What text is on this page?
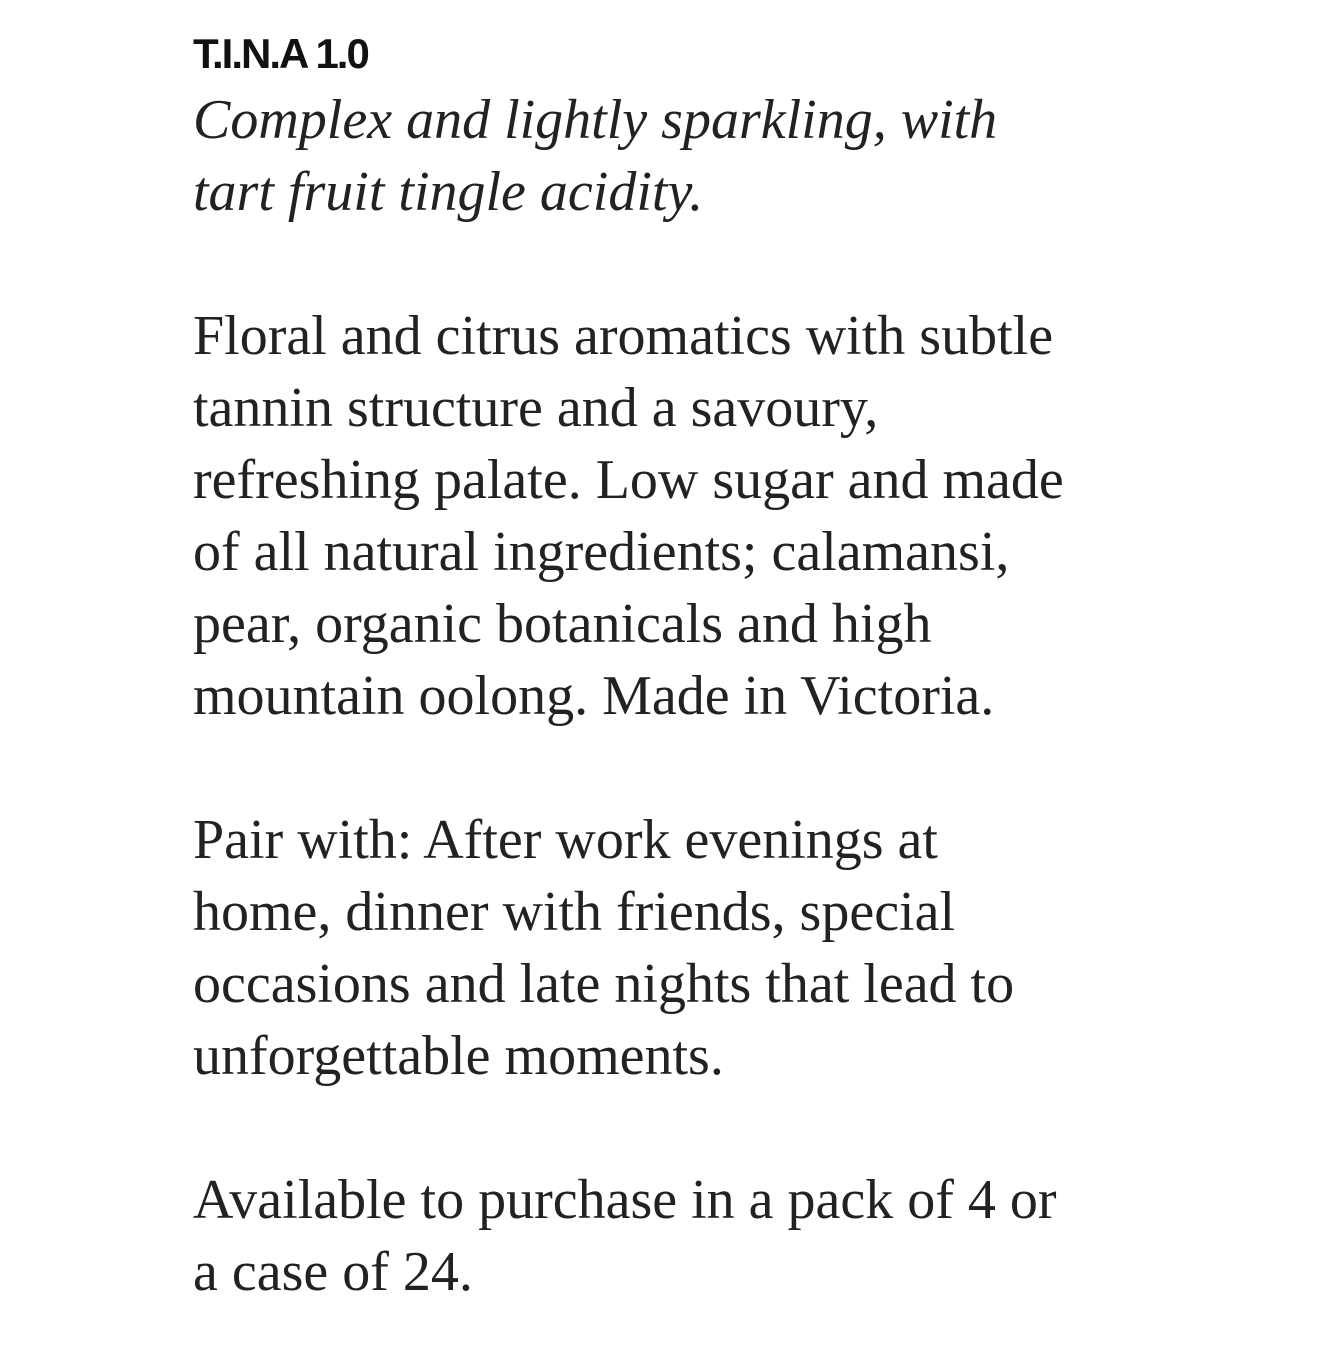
T.I.N.A 1.0

Complex and lightly sparkling, with
tart fruit tingle acidity.

Floral and citrus aromatics with subtle
tannin structure and a savoury,
refreshing palate. Low sugar and made
of all natural ingredients; calamansi,
pear, organic botanicals and high
mountain oolong. Made in Victoria.

Pair with: After work evenings at
home, dinner with friends, special
occasions and late nights that lead to
unforgettable moments.

Available to purchase in a pack of 4 or
a case of 24.
